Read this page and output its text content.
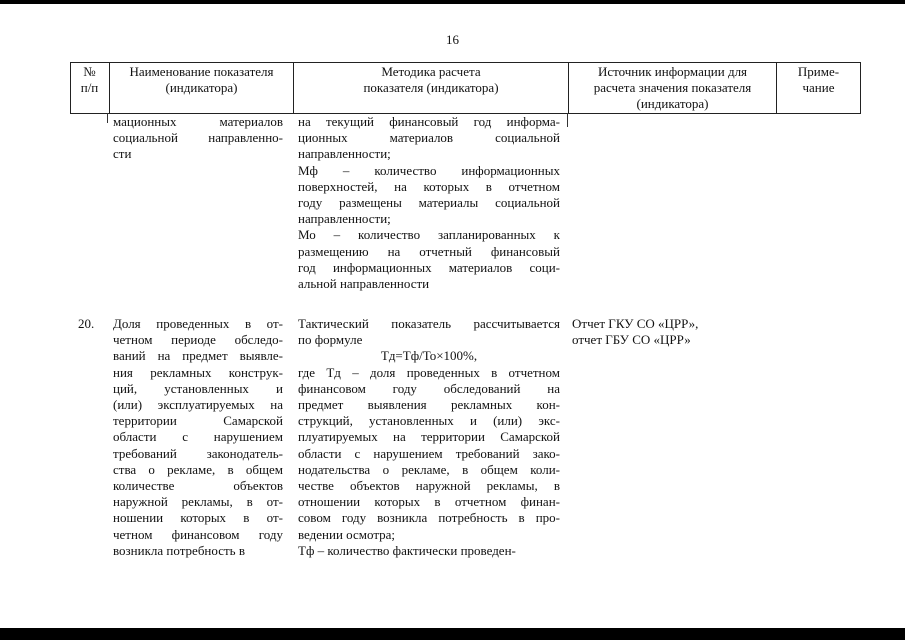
16
№
п/п
Наименование показателя
(индикатора)
Методика расчета
показателя (индикатора)
Источник информации для
расчета значения показателя
(индикатора)
Приме-
чание
мационных материалов
социальной направленно-
сти
на текущий финансовый год информа-
ционных материалов социальной
направленности;
Мф – количество информационных
поверхностей, на которых в отчетном
году размещены материалы социальной
направленности;
Мо – количество запланированных к
размещению на отчетный финансовый
год информационных материалов соци-
альной направленности
20. Доля проведенных в от-
четном периоде обследо-
ваний на предмет выявле-
ния рекламных конструк-
ций, установленных и
(или) эксплуатируемых на
территории Самарской
области с нарушением
требований законодатель-
ства о рекламе, в общем
количестве объектов
наружной рекламы, в от-
ношении которых в от-
четном финансовом году
возникла потребность в
Тактический показатель рассчитывается
по формуле
Тд=Тф/То×100%,
где Тд – доля проведенных в отчетном
финансовом году обследований на
предмет выявления рекламных кон-
струкций, установленных и (или) экс-
плуатируемых на территории Самарской
области с нарушением требований зако-
нодательства о рекламе, в общем коли-
честве объектов наружной рекламы, в
отношении которых в отчетном финан-
совом году возникла потребность в про-
ведении осмотра;
Тф – количество фактически проведен-
Отчет ГКУ СО «ЦРР»,
отчет ГБУ СО «ЦРР»
